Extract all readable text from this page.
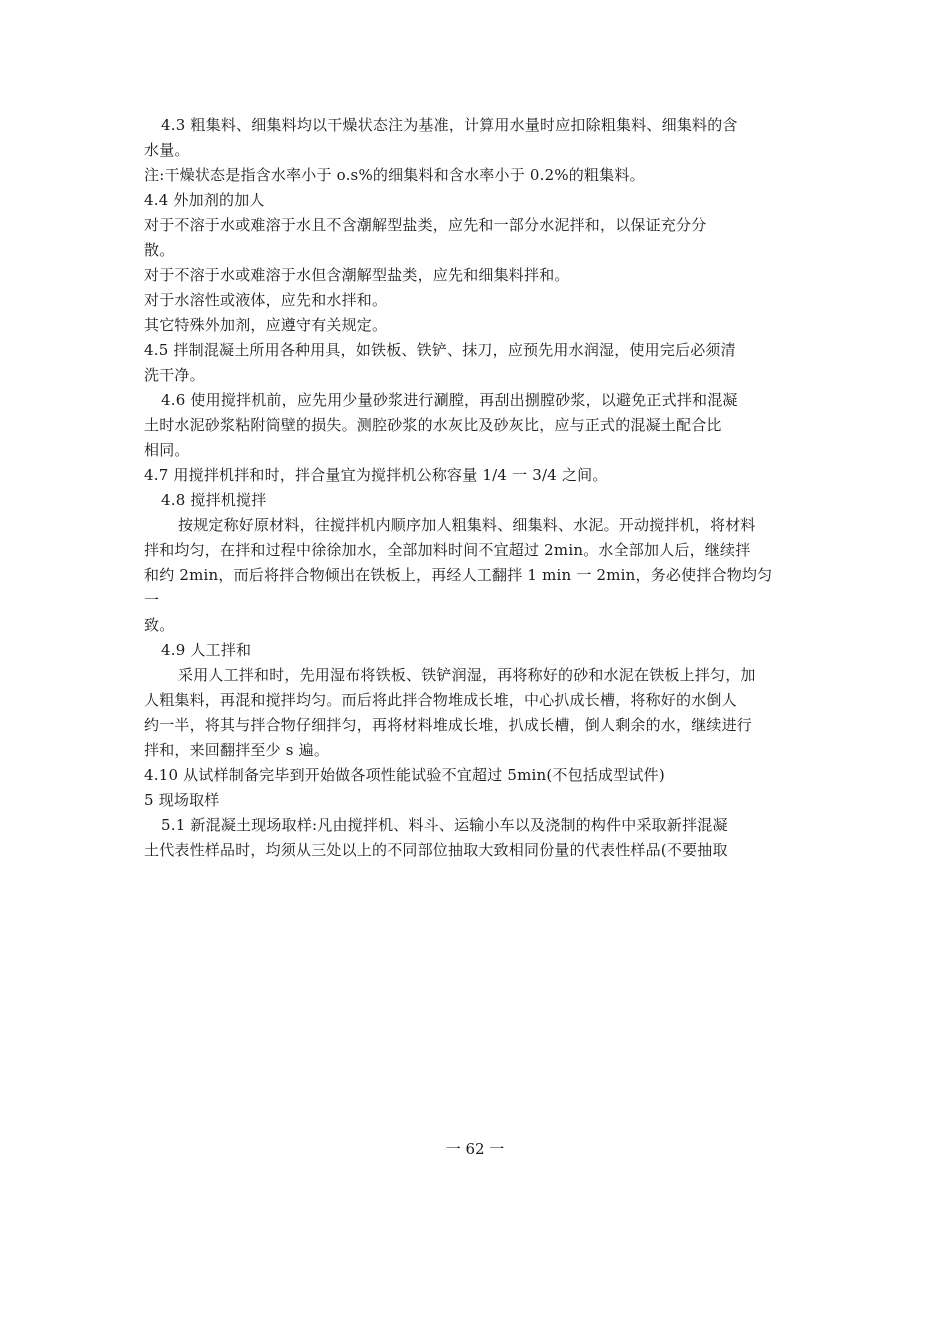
4.3 粗集料、细集料均以干燥状态注为基准，计算用水量时应扣除粗集料、细集料的含
水量。
注:干燥状态是指含水率小于 o.s%的细集料和含水率小于 0.2%的粗集料。
4.4 外加剂的加人
对于不溶于水或难溶于水且不含潮解型盐类，应先和一部分水泥拌和，以保证充分分
散。
对于不溶于水或难溶于水但含潮解型盐类，应先和细集料拌和。
对于水溶性或液体，应先和水拌和。
其它特殊外加剂，应遵守有关规定。
4.5 拌制混凝土所用各种用具，如铁板、铁铲、抹刀，应预先用水润湿，使用完后必须清
洗干净。
4.6 使用搅拌机前，应先用少量砂浆进行涮膛，再刮出捌膛砂浆，以避免正式拌和混凝
土时水泥砂浆粘附筒壁的损失。测腔砂浆的水灰比及砂灰比，应与正式的混凝土配合比
相同。
4.7 用搅拌机拌和时，拌合量宜为搅拌机公称容量 1/4 一 3/4 之间。
4.8 搅拌机搅拌
按规定称好原材料，往搅拌机内顺序加人粗集料、细集料、水泥。开动搅拌机，将材料
拌和均匀，在拌和过程中徐徐加水，全部加料时间不宜超过 2min。水全部加人后，继续拌
和约 2min，而后将拌合物倾出在铁板上，再经人工翻拌 1 min 一 2min，务必使拌合物均匀
一
致。
4.9 人工拌和
采用人工拌和时，先用湿布将铁板、铁铲润湿，再将称好的砂和水泥在铁板上拌匀，加
人粗集料，再混和搅拌均匀。而后将此拌合物堆成长堆，中心扒成长槽，将称好的水倒人
约一半，将其与拌合物仔细拌匀，再将材料堆成长堆，扒成长槽，倒人剩余的水，继续进行
拌和，来回翻拌至少 s 遍。
4.10 从试样制备完毕到开始做各项性能试验不宜超过 5min(不包括成型试件)
5 现场取样
5.1 新混凝土现场取样:凡由搅拌机、料斗、运输小车以及浇制的构件中采取新拌混凝
土代表性样品时，均须从三处以上的不同部位抽取大致相同份量的代表性样品(不要抽取
一 62 一
